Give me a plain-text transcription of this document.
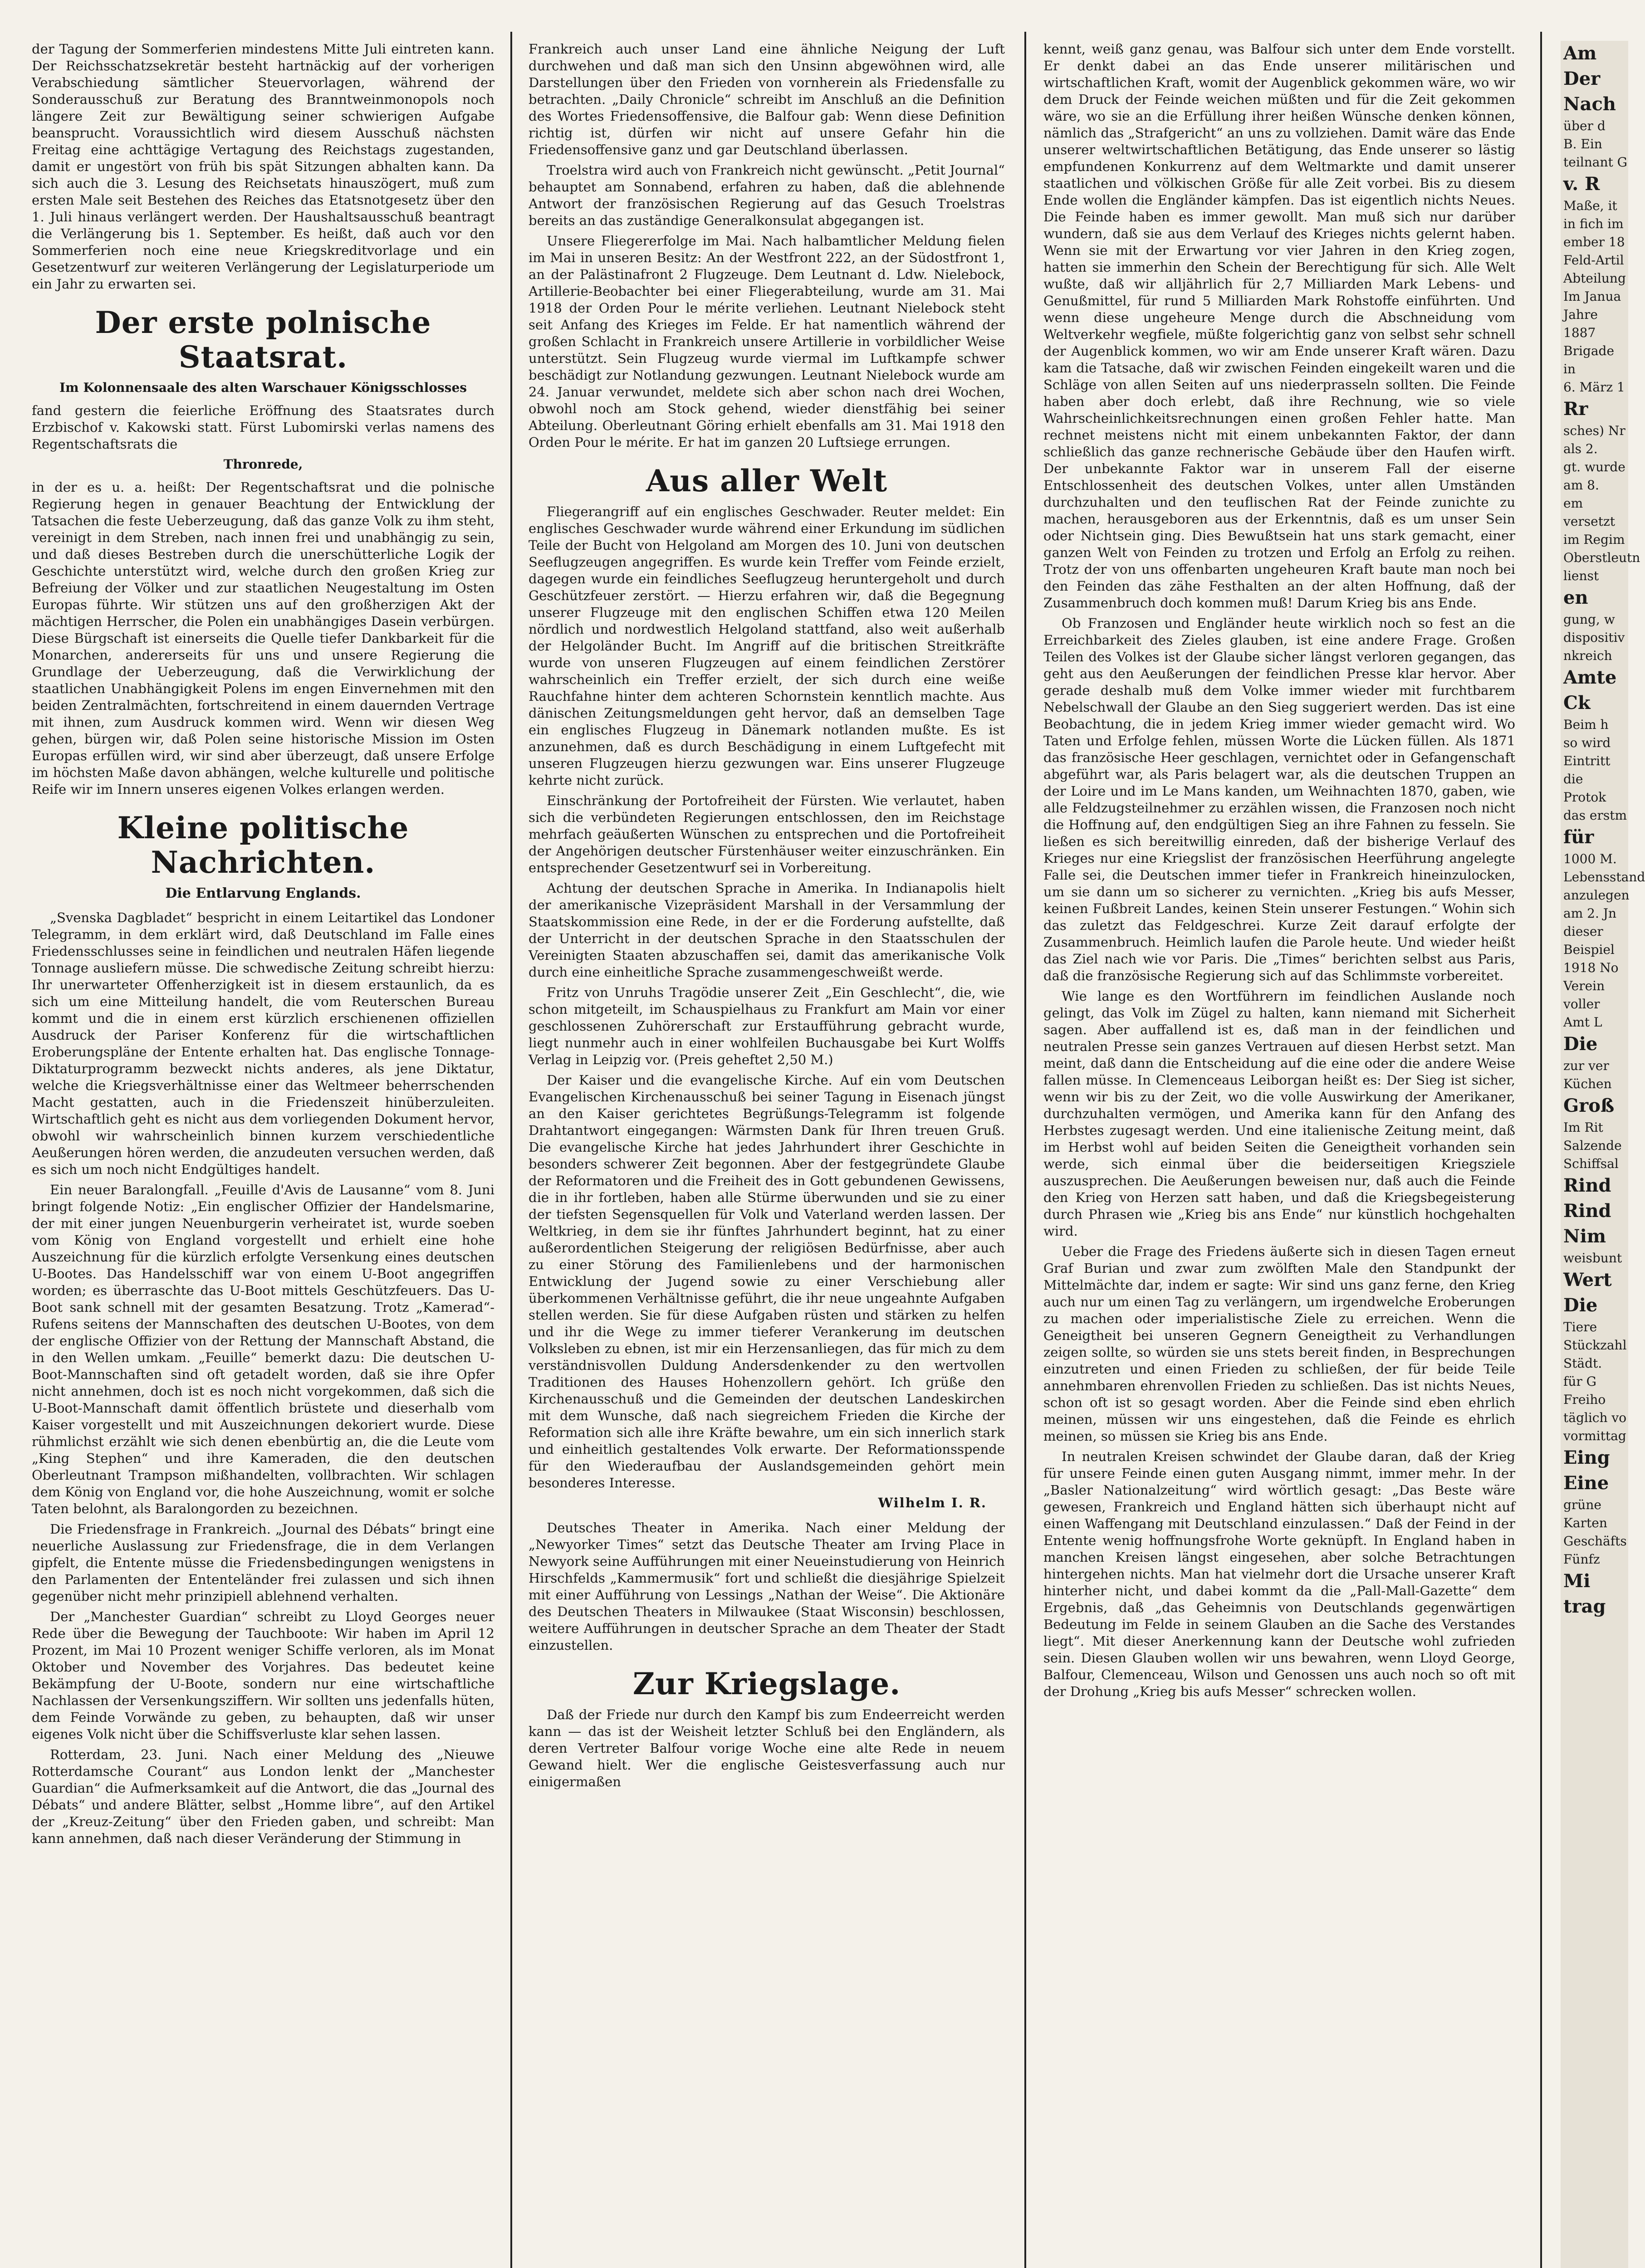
der Tagung der Sommerferien mindestens Mitte Juli eintreten kann. Der Reichsschatzsekretär besteht hartnäckig auf der vorherigen Verabschiedung sämtlicher Steuervorlagen, während der Sonderausschuß zur Beratung des Branntweinmonopols noch längere Zeit zur Bewältigung seiner schwierigen Aufgabe beansprucht. Voraussichtlich wird diesem Ausschuß nächsten Freitag eine achttägige Vertagung des Reichstags zugestanden, damit er ungestört von früh bis spät Sitzungen abhalten kann. Da sich auch die 3. Lesung des Reichsetats hinauszögert, muß zum ersten Male seit Bestehen des Reiches das Etatsnotgesetz über den 1. Juli hinaus verlängert werden. Der Haushaltsausschuß beantragt die Verlängerung bis 1. September. Es heißt, daß auch vor den Sommerferien noch eine neue Kriegskreditvorlage und ein Gesetzentwurf zur weiteren Verlängerung der Legislaturperiode um ein Jahr zu erwarten sei.

Der erste polnische Staatsrat.
Im Kolonnensaale des alten Warschauer Königsschlosses

fand gestern die feierliche Eröffnung des Staatsrates durch Erzbischof v. Kakowski statt. Fürst Lubomirski verlas namens des Regentschaftsrats die

Thronrede,

in der es u. a. heißt: Der Regentschaftsrat und die polnische Regierung hegen in genauer Beachtung der Entwicklung der Tatsachen die feste Ueberzeugung, daß das ganze Volk zu ihm steht, vereinigt in dem Streben, nach innen frei und unabhängig zu sein, und daß dieses Bestreben durch die unerschütterliche Logik der Geschichte unterstützt wird, welche durch den großen Krieg zur Befreiung der Völker und zur staatlichen Neugestaltung im Osten Europas führte. Wir stützen uns auf den großherzigen Akt der mächtigen Herrscher, die Polen ein unabhängiges Dasein verbürgen. Diese Bürgschaft ist einerseits die Quelle tiefer Dankbarkeit für die Monarchen, andererseits für uns und unsere Regierung die Grundlage der Ueberzeugung, daß die Verwirklichung der staatlichen Unabhängigkeit Polens im engen Einvernehmen mit den beiden Zentralmächten, fortschreitend in einem dauernden Vertrage mit ihnen, zum Ausdruck kommen wird. Wenn wir diesen Weg gehen, bürgen wir, daß Polen seine historische Mission im Osten Europas erfüllen wird, wir sind aber überzeugt, daß unsere Erfolge im höchsten Maße davon abhängen, welche kulturelle und politische Reife wir im Innern unseres eigenen Volkes erlangen werden.

Kleine politische Nachrichten.
Die Entlarvung Englands.

„Svenska Dagbladet“ bespricht in einem Leitartikel das Londoner Telegramm, in dem erklärt wird, daß Deutschland im Falle eines Friedensschlusses seine in feindlichen und neutralen Häfen liegende Tonnage ausliefern müsse. Die schwedische Zeitung schreibt hierzu: Ihr unerwarteter Offenherzigkeit ist in diesem erstaunlich, da es sich um eine Mitteilung handelt, die vom Reuterschen Bureau kommt und die in einem erst kürzlich erschienenen offiziellen Ausdruck der Pariser Konferenz für die wirtschaftlichen Eroberungspläne der Entente erhalten hat. Das englische Tonnage-Diktaturprogramm bezweckt nichts anderes, als jene Diktatur, welche die Kriegsverhältnisse einer das Weltmeer beherrschenden Macht gestatten, auch in die Friedenszeit hinüberzuleiten. Wirtschaftlich geht es nicht aus dem vorliegenden Dokument hervor, obwohl wir wahrscheinlich binnen kurzem verschiedentliche Aeußerungen hören werden, die anzudeuten versuchen werden, daß es sich um noch nicht Endgültiges handelt.

Ein neuer Baralongfall. „Feuille d'Avis de Lausanne“ vom 8. Juni bringt folgende Notiz: „Ein englischer Offizier der Handelsmarine, der mit einer jungen Neuenburgerin verheiratet ist, wurde soeben vom König von England vorgestellt und erhielt eine hohe Auszeichnung für die kürzlich erfolgte Versenkung eines deutschen U-Bootes. Das Handelsschiff war von einem U-Boot angegriffen worden; es überraschte das U-Boot mittels Geschützfeuers. Das U-Boot sank schnell mit der gesamten Besatzung. Trotz „Kamerad“-Rufens seitens der Mannschaften des deutschen U-Bootes, von dem der englische Offizier von der Rettung der Mannschaft Abstand, die in den Wellen umkam. „Feuille“ bemerkt dazu: Die deutschen U-Boot-Mannschaften sind oft getadelt worden, daß sie ihre Opfer nicht annehmen, doch ist es noch nicht vorgekommen, daß sich die U-Boot-Mannschaft damit öffentlich brüstete und dieserhalb vom Kaiser vorgestellt und mit Auszeichnungen dekoriert wurde. Diese rühmlichst erzählt wie sich denen ebenbürtig an, die die Leute vom „King Stephen“ und ihre Kameraden, die den deutschen Oberleutnant Trampson mißhandelten, vollbrachten. Wir schlagen dem König von England vor, die hohe Auszeichnung, womit er solche Taten belohnt, als Baralongorden zu bezeichnen.

Die Friedensfrage in Frankreich. „Journal des Débats“ bringt eine neuerliche Auslassung zur Friedensfrage, die in dem Verlangen gipfelt, die Entente müsse die Friedensbedingungen wenigstens in den Parlamenten der Ententeländer frei zulassen und sich ihnen gegenüber nicht mehr prinzipiell ablehnend verhalten.

Der „Manchester Guardian“ schreibt zu Lloyd Georges neuer Rede über die Bewegung der Tauchboote: Wir haben im April 12 Prozent, im Mai 10 Prozent weniger Schiffe verloren, als im Monat Oktober und November des Vorjahres. Das bedeutet keine Bekämpfung der U-Boote, sondern nur eine wirtschaftliche Nachlassen der Versenkungsziffern. Wir sollten uns jedenfalls hüten, dem Feinde Vorwände zu geben, zu behaupten, daß wir unser eigenes Volk nicht über die Schiffsverluste klar sehen lassen.

Rotterdam, 23. Juni. Nach einer Meldung des „Nieuwe Rotterdamsche Courant“ aus London lenkt der „Manchester Guardian“ die Aufmerksamkeit auf die Antwort, die das „Journal des Débats“ und andere Blätter, selbst „Homme libre“, auf den Artikel der „Kreuz-Zeitung“ über den Frieden gaben, und schreibt: Man kann annehmen, daß nach dieser Veränderung der Stimmung in

Frankreich auch unser Land eine ähnliche Neigung der Luft durchwehen und daß man sich den Unsinn abgewöhnen wird, alle Darstellungen über den Frieden von vornherein als Friedensfalle zu betrachten. „Daily Chronicle“ schreibt im Anschluß an die Definition des Wortes Friedensoffensive, die Balfour gab: Wenn diese Definition richtig ist, dürfen wir nicht auf unsere Gefahr hin die Friedensoffensive ganz und gar Deutschland überlassen.

Troelstra wird auch von Frankreich nicht gewünscht. „Petit Journal“ behauptet am Sonnabend, erfahren zu haben, daß die ablehnende Antwort der französischen Regierung auf das Gesuch Troelstras bereits an das zuständige Generalkonsulat abgegangen ist.

Unsere Fliegererfolge im Mai. Nach halbamtlicher Meldung fielen im Mai in unseren Besitz: An der Westfront 222, an der Südostfront 1, an der Palästinafront 2 Flugzeuge. Dem Leutnant d. Ldw. Nielebock, Artillerie-Beobachter bei einer Fliegerabteilung, wurde am 31. Mai 1918 der Orden Pour le mérite verliehen. Leutnant Nielebock steht seit Anfang des Krieges im Felde. Er hat namentlich während der großen Schlacht in Frankreich unsere Artillerie in vorbildlicher Weise unterstützt. Sein Flugzeug wurde viermal im Luftkampfe schwer beschädigt zur Notlandung gezwungen. Leutnant Nielebock wurde am 24. Januar verwundet, meldete sich aber schon nach drei Wochen, obwohl noch am Stock gehend, wieder dienstfähig bei seiner Abteilung. Oberleutnant Göring erhielt ebenfalls am 31. Mai 1918 den Orden Pour le mérite. Er hat im ganzen 20 Luftsiege errungen.

Aus aller Welt

Fliegerangriff auf ein englisches Geschwader. Reuter meldet: Ein englisches Geschwader wurde während einer Erkundung im südlichen Teile der Bucht von Helgoland am Morgen des 10. Juni von deutschen Seeflugzeugen angegriffen. Es wurde kein Treffer vom Feinde erzielt, dagegen wurde ein feindliches Seeflugzeug heruntergeholt und durch Geschützfeuer zerstört. — Hierzu erfahren wir, daß die Begegnung unserer Flugzeuge mit den englischen Schiffen etwa 120 Meilen nördlich und nordwestlich Helgoland stattfand, also weit außerhalb der Helgoländer Bucht. Im Angriff auf die britischen Streitkräfte wurde von unseren Flugzeugen auf einem feindlichen Zerstörer wahrscheinlich ein Treffer erzielt, der sich durch eine weiße Rauchfahne hinter dem achteren Schornstein kenntlich machte. Aus dänischen Zeitungsmeldungen geht hervor, daß an demselben Tage ein englisches Flugzeug in Dänemark notlanden mußte. Es ist anzunehmen, daß es durch Beschädigung in einem Luftgefecht mit unseren Flugzeugen hierzu gezwungen war. Eins unserer Flugzeuge kehrte nicht zurück.

Einschränkung der Portofreiheit der Fürsten. Wie verlautet, haben sich die verbündeten Regierungen entschlossen, den im Reichstage mehrfach geäußerten Wünschen zu entsprechen und die Portofreiheit der Angehörigen deutscher Fürstenhäuser weiter einzuschränken. Ein entsprechender Gesetzentwurf sei in Vorbereitung.

Achtung der deutschen Sprache in Amerika. In Indianapolis hielt der amerikanische Vizepräsident Marshall in der Versammlung der Staatskommission eine Rede, in der er die Forderung aufstellte, daß der Unterricht in der deutschen Sprache in den Staatsschulen der Vereinigten Staaten abzuschaffen sei, damit das amerikanische Volk durch eine einheitliche Sprache zusammengeschweißt werde.

Fritz von Unruhs Tragödie unserer Zeit „Ein Geschlecht“, die, wie schon mitgeteilt, im Schauspielhaus zu Frankfurt am Main vor einer geschlossenen Zuhörerschaft zur Erstaufführung gebracht wurde, liegt nunmehr auch in einer wohlfeilen Buchausgabe bei Kurt Wolffs Verlag in Leipzig vor. (Preis geheftet 2,50 M.)

Der Kaiser und die evangelische Kirche. Auf ein vom Deutschen Evangelischen Kirchenausschuß bei seiner Tagung in Eisenach jüngst an den Kaiser gerichtetes Begrüßungs-Telegramm ist folgende Drahtantwort eingegangen: Wärmsten Dank für Ihren treuen Gruß. Die evangelische Kirche hat jedes Jahrhundert ihrer Geschichte in besonders schwerer Zeit begonnen. Aber der festgegründete Glaube der Reformatoren und die Freiheit des in Gott gebundenen Gewissens, die in ihr fortleben, haben alle Stürme überwunden und sie zu einer der tiefsten Segensquellen für Volk und Vaterland werden lassen. Der Weltkrieg, in dem sie ihr fünftes Jahrhundert beginnt, hat zu einer außerordentlichen Steigerung der religiösen Bedürfnisse, aber auch zu einer Störung des Familienlebens und der harmonischen Entwicklung der Jugend sowie zu einer Verschiebung aller überkommenen Verhältnisse geführt, die ihr neue ungeahnte Aufgaben stellen werden. Sie für diese Aufgaben rüsten und stärken zu helfen und ihr die Wege zu immer tieferer Verankerung im deutschen Volksleben zu ebnen, ist mir ein Herzensanliegen, das für mich zu dem verständnisvollen Duldung Andersdenkender zu den wertvollen Traditionen des Hauses Hohenzollern gehört. Ich grüße den Kirchenausschuß und die Gemeinden der deutschen Landeskirchen mit dem Wunsche, daß nach siegreichem Frieden die Kirche der Reformation sich alle ihre Kräfte bewahre, um ein sich innerlich stark und einheitlich gestaltendes Volk erwarte. Der Reformationsspende für den Wiederaufbau der Auslandsgemeinden gehört mein besonderes Interesse.

Wilhelm I. R.

Deutsches Theater in Amerika. Nach einer Meldung der „Newyorker Times“ setzt das Deutsche Theater am Irving Place in Newyork seine Aufführungen mit einer Neueinstudierung von Heinrich Hirschfelds „Kammermusik“ fort und schließt die diesjährige Spielzeit mit einer Aufführung von Lessings „Nathan der Weise“. Die Aktionäre des Deutschen Theaters in Milwaukee (Staat Wisconsin) beschlossen, weitere Aufführungen in deutscher Sprache an dem Theater der Stadt einzustellen.

Zur Kriegslage.

Daß der Friede nur durch den Kampf bis zum Endeerreicht werden kann — das ist der Weisheit letzter Schluß bei den Engländern, als deren Vertreter Balfour vorige Woche eine alte Rede in neuem Gewand hielt. Wer die englische Geistesverfassung auch nur einigermaßen

kennt, weiß ganz genau, was Balfour sich unter dem Ende vorstellt. Er denkt dabei an das Ende unserer militärischen und wirtschaftlichen Kraft, womit der Augenblick gekommen wäre, wo wir dem Druck der Feinde weichen müßten und für die Zeit gekommen wäre, wo sie an die Erfüllung ihrer heißen Wünsche denken können, nämlich das „Strafgericht“ an uns zu vollziehen. Damit wäre das Ende unserer weltwirtschaftlichen Betätigung, das Ende unserer so lästig empfundenen Konkurrenz auf dem Weltmarkte und damit unserer staatlichen und völkischen Größe für alle Zeit vorbei. Bis zu diesem Ende wollen die Engländer kämpfen. Das ist eigentlich nichts Neues. Die Feinde haben es immer gewollt. Man muß sich nur darüber wundern, daß sie aus dem Verlauf des Krieges nichts gelernt haben. Wenn sie mit der Erwartung vor vier Jahren in den Krieg zogen, hatten sie immerhin den Schein der Berechtigung für sich. Alle Welt wußte, daß wir alljährlich für 2,7 Milliarden Mark Lebens- und Genußmittel, für rund 5 Milliarden Mark Rohstoffe einführten. Und wenn diese ungeheure Menge durch die Abschneidung vom Weltverkehr wegfiele, müßte folgerichtig ganz von selbst sehr schnell der Augenblick kommen, wo wir am Ende unserer Kraft wären. Dazu kam die Tatsache, daß wir zwischen Feinden eingekeilt waren und die Schläge von allen Seiten auf uns niederprasseln sollten. Die Feinde haben aber doch erlebt, daß ihre Rechnung, wie so viele Wahrscheinlichkeitsrechnungen einen großen Fehler hatte. Man rechnet meistens nicht mit einem unbekannten Faktor, der dann schließlich das ganze rechnerische Gebäude über den Haufen wirft. Der unbekannte Faktor war in unserem Fall der eiserne Entschlossenheit des deutschen Volkes, unter allen Umständen durchzuhalten und den teuflischen Rat der Feinde zunichte zu machen, herausgeboren aus der Erkenntnis, daß es um unser Sein oder Nichtsein ging. Dies Bewußtsein hat uns stark gemacht, einer ganzen Welt von Feinden zu trotzen und Erfolg an Erfolg zu reihen. Trotz der von uns offenbarten ungeheuren Kraft baute man noch bei den Feinden das zähe Festhalten an der alten Hoffnung, daß der Zusammenbruch doch kommen muß! Darum Krieg bis ans Ende.

Ob Franzosen und Engländer heute wirklich noch so fest an die Erreichbarkeit des Zieles glauben, ist eine andere Frage. Großen Teilen des Volkes ist der Glaube sicher längst verloren gegangen, das geht aus den Aeußerungen der feindlichen Presse klar hervor. Aber gerade deshalb muß dem Volke immer wieder mit furchtbarem Nebelschwall der Glaube an den Sieg suggeriert werden. Das ist eine Beobachtung, die in jedem Krieg immer wieder gemacht wird. Wo Taten und Erfolge fehlen, müssen Worte die Lücken füllen. Als 1871 das französische Heer geschlagen, vernichtet oder in Gefangenschaft abgeführt war, als Paris belagert war, als die deutschen Truppen an der Loire und im Le Mans kanden, um Weihnachten 1870, gaben, wie alle Feldzugsteilnehmer zu erzählen wissen, die Franzosen noch nicht die Hoffnung auf, den endgültigen Sieg an ihre Fahnen zu fesseln. Sie ließen es sich bereitwillig einreden, daß der bisherige Verlauf des Krieges nur eine Kriegslist der französischen Heerführung angelegte Falle sei, die Deutschen immer tiefer in Frankreich hineinzulocken, um sie dann um so sicherer zu vernichten. „Krieg bis aufs Messer, keinen Fußbreit Landes, keinen Stein unserer Festungen.“ Wohin sich das zuletzt das Feldgeschrei. Kurze Zeit darauf erfolgte der Zusammenbruch. Heimlich laufen die Parole heute. Und wieder heißt das Ziel nach wie vor Paris. Die „Times“ berichten selbst aus Paris, daß die französische Regierung sich auf das Schlimmste vorbereitet.

Wie lange es den Wortführern im feindlichen Auslande noch gelingt, das Volk im Zügel zu halten, kann niemand mit Sicherheit sagen. Aber auffallend ist es, daß man in der feindlichen und neutralen Presse sein ganzes Vertrauen auf diesen Herbst setzt. Man meint, daß dann die Entscheidung auf die eine oder die andere Weise fallen müsse. In Clemenceaus Leiborgan heißt es: Der Sieg ist sicher, wenn wir bis zu der Zeit, wo die volle Auswirkung der Amerikaner, durchzuhalten vermögen, und Amerika kann für den Anfang des Herbstes zugesagt werden. Und eine italienische Zeitung meint, daß im Herbst wohl auf beiden Seiten die Geneigtheit vorhanden sein werde, sich einmal über die beiderseitigen Kriegsziele auszusprechen. Die Aeußerungen beweisen nur, daß auch die Feinde den Krieg von Herzen satt haben, und daß die Kriegsbegeisterung durch Phrasen wie „Krieg bis ans Ende“ nur künstlich hochgehalten wird.

Ueber die Frage des Friedens äußerte sich in diesen Tagen erneut Graf Burian und zwar zum zwölften Male den Standpunkt der Mittelmächte dar, indem er sagte: Wir sind uns ganz ferne, den Krieg auch nur um einen Tag zu verlängern, um irgendwelche Eroberungen zu machen oder imperialistische Ziele zu erreichen. Wenn die Geneigtheit bei unseren Gegnern Geneigtheit zu Verhandlungen zeigen sollte, so würden sie uns stets bereit finden, in Besprechungen einzutreten und einen Frieden zu schließen, der für beide Teile annehmbaren ehrenvollen Frieden zu schließen. Das ist nichts Neues, schon oft ist so gesagt worden. Aber die Feinde sind eben ehrlich meinen, müssen wir uns eingestehen, daß die Feinde es ehrlich meinen, so müssen sie Krieg bis ans Ende.

In neutralen Kreisen schwindet der Glaube daran, daß der Krieg für unsere Feinde einen guten Ausgang nimmt, immer mehr. In der „Basler Nationalzeitung“ wird wörtlich gesagt: „Das Beste wäre gewesen, Frankreich und England hätten sich überhaupt nicht auf einen Waffengang mit Deutschland einzulassen.“ Daß der Feind in der Entente wenig hoffnungsfrohe Worte geknüpft. In England haben in manchen Kreisen längst eingesehen, aber solche Betrachtungen hintergehen nichts. Man hat vielmehr dort die Ursache unserer Kraft hinterher nicht, und dabei kommt da die „Pall-Mall-Gazette“ dem Ergebnis, daß „das Geheimnis von Deutschlands gegenwärtigen Bedeutung im Felde in seinem Glauben an die Sache des Verstandes liegt“. Mit dieser Anerkennung kann der Deutsche wohl zufrieden sein. Diesen Glauben wollen wir uns bewahren, wenn Lloyd George, Balfour, Clemenceau, Wilson und Genossen uns auch noch so oft mit der Drohung „Krieg bis aufs Messer“ schrecken wollen.

Am
Der
Nach
über d
B. Ein
teilnant G
v. R
Maße, it
in fich im
ember 18
Feld-Artil
Abteilung
Im Janua
Jahre 1887
Brigade in
6. März 1
Rr
sches) Nr
als 2.
gt. wurde
am 8.
em versetzt
im Regim
Oberstleutn
lienst
en
gung, w
dispositiv
nkreich
Amte
Ck
Beim h
so wird
Eintritt die
Protok
das erstm
für
1000 M.
Lebensstand
anzulegen
am 2. Jn
dieser
Beispiel
1918 No
Verein
voller
Amt L
Die
zur ver
Küchen
Groß
Im Rit
Salzende
Schiffsal
Rind
Rind
Nim
weisbunt
Wert
Die
Tiere
Stückzahl
Städt.
für G
Freiho
täglich vo
vormittag
Eing
Eine
grüne
Karten
Geschäfts
Fünfz
Mi
trag
